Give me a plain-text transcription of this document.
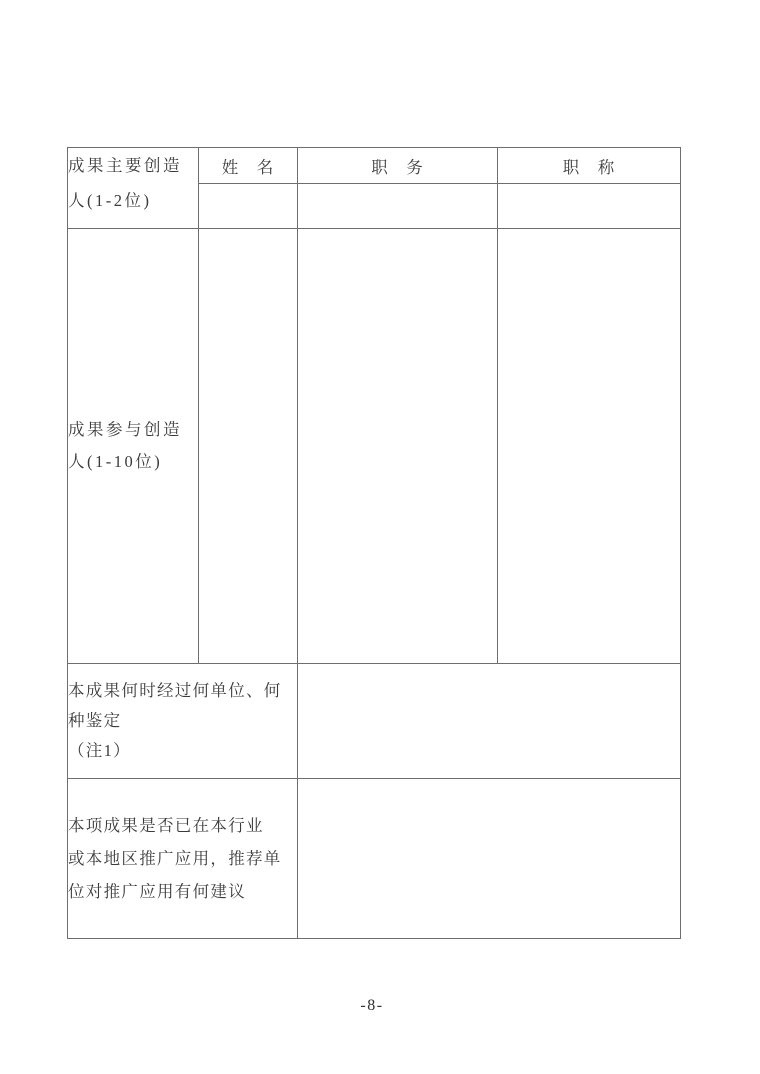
成果主要创造
人(1-2位)	姓　名	职　务	职　称

成果参与创造
人(1-10位)			

本成果何时经过何单位、何
种鉴定
（注1）			

本项成果是否已在本行业
或本地区推广应用，推荐单
位对推广应用有何建议			

-8-
